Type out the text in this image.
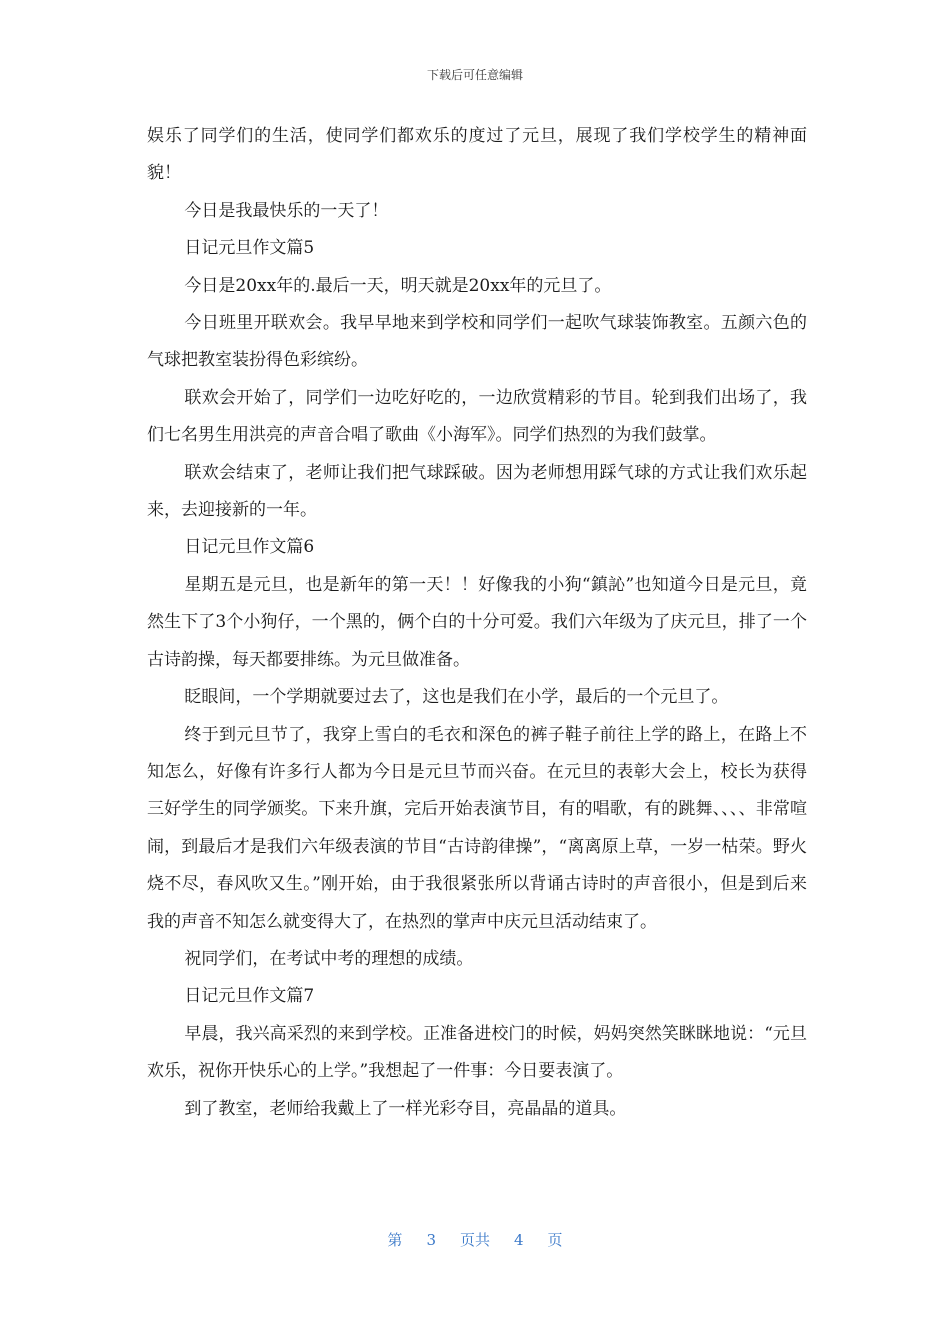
下载后可任意编辑

娱乐了同学们的生活，使同学们都欢乐的度过了元旦，展现了我们学校学生的精神面貌！

今日是我最快乐的一天了！

日记元旦作文篇5

今日是20xx年的.最后一天，明天就是20xx年的元旦了。

今日班里开联欢会。我早早地来到学校和同学们一起吹气球装饰教室。五颜六色的气球把教室装扮得色彩缤纷。

联欢会开始了，同学们一边吃好吃的，一边欣赏精彩的节目。轮到我们出场了，我们七名男生用洪亮的声音合唱了歌曲《小海军》。同学们热烈的为我们鼓掌。

联欢会结束了，老师让我们把气球踩破。因为老师想用踩气球的方式让我们欢乐起来，去迎接新的一年。

日记元旦作文篇6

星期五是元旦，也是新年的第一天！！好像我的小狗“鎮訫”也知道今日是元旦，竟然生下了3个小狗仔，一个黑的，俩个白的十分可爱。我们六年级为了庆元旦，排了一个古诗韵操，每天都要排练。为元旦做准备。

眨眼间，一个学期就要过去了，这也是我们在小学，最后的一个元旦了。

终于到元旦节了，我穿上雪白的毛衣和深色的裤子鞋子前往上学的路上，在路上不知怎么，好像有许多行人都为今日是元旦节而兴奋。在元旦的表彰大会上，校长为获得三好学生的同学颁奖。下来升旗，完后开始表演节目，有的唱歌，有的跳舞、、、、非常喧闹，到最后才是我们六年级表演的节目“古诗韵律操”，“离离原上草，一岁一枯荣。野火烧不尽，春风吹又生。”刚开始，由于我很紧张所以背诵古诗时的声音很小，但是到后来我的声音不知怎么就变得大了，在热烈的掌声中庆元旦活动结束了。

祝同学们，在考试中考的理想的成绩。

日记元旦作文篇7

早晨，我兴高采烈的来到学校。正准备进校门的时候，妈妈突然笑眯眯地说：“元旦欢乐，祝你开快乐心的上学。”我想起了一件事：今日要表演了。

到了教室，老师给我戴上了一样光彩夺目，亮晶晶的道具。

第 3 页共 4 页
